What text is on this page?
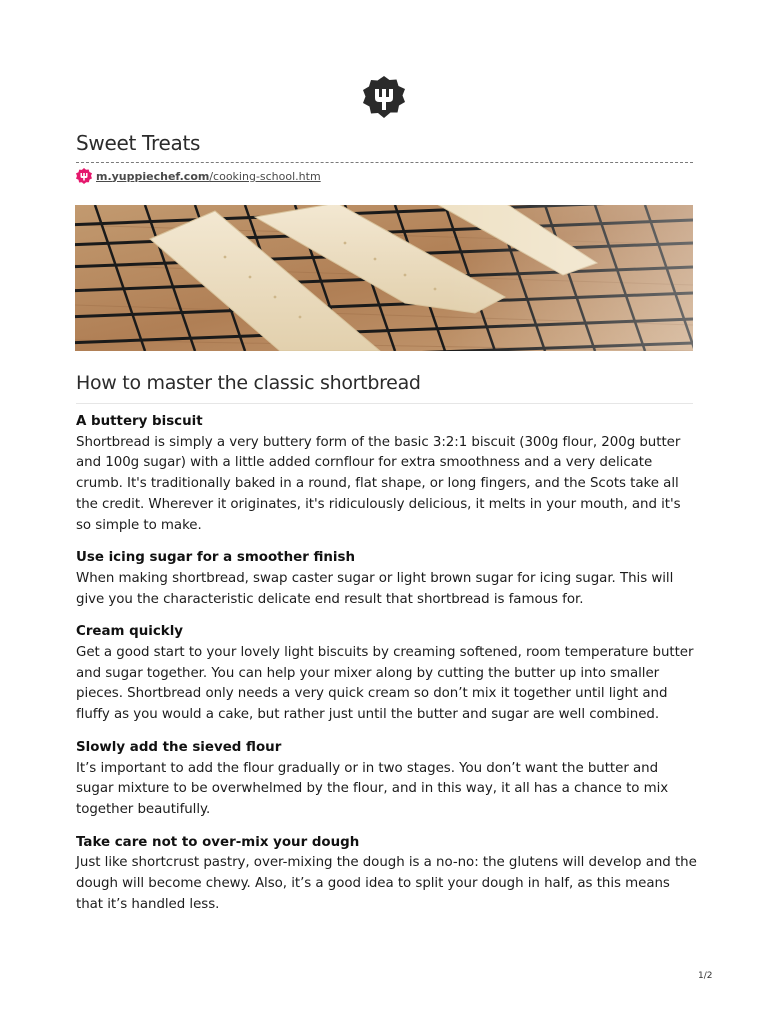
Sweet Treats
m.yuppiechef.com/cooking-school.htm
How to master the classic shortbread
A buttery biscuit

Shortbread is simply a very buttery form of the basic 3:2:1 biscuit (300g flour, 200g butter and 100g sugar) with a little added cornflour for extra smoothness and a very delicate crumb. It's traditionally baked in a round, flat shape, or long fingers, and the Scots take all the credit. Wherever it originates, it's ridiculously delicious, it melts in your mouth, and it's so simple to make.

Use icing sugar for a smoother finish

When making shortbread, swap caster sugar or light brown sugar for icing sugar. This will give you the characteristic delicate end result that shortbread is famous for.

Cream quickly

Get a good start to your lovely light biscuits by creaming softened, room temperature butter and sugar together. You can help your mixer along by cutting the butter up into smaller pieces. Shortbread only needs a very quick cream so don’t mix it together until light and fluffy as you would a cake, but rather just until the butter and sugar are well combined.

Slowly add the sieved flour

It’s important to add the flour gradually or in two stages. You don’t want the butter and sugar mixture to be overwhelmed by the flour, and in this way, it all has a chance to mix together beautifully.

Take care not to over-mix your dough

Just like shortcrust pastry, over-mixing the dough is a no-no: the glutens will develop and the dough will become chewy. Also, it’s a good idea to split your dough in half, as this means that it’s handled less.

1/2
